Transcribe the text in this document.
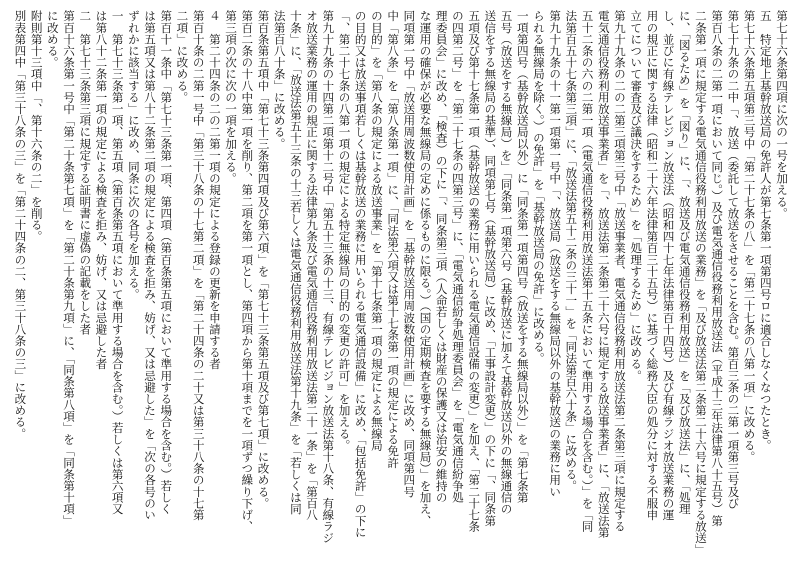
第七十六条第四項に次の一号を加える。
五　特定地上基幹放送局の免許人が第七条第一項第四号ロに適合しなくなつたとき。
第七十六条第五項第三号中「第二十七条の八」を「第二十七条の八第一項」に改める。
第七十九条の二中「、放送（委託して放送をさせることを含む。第百三条の二第一項第三号及び
第百八条の二第一項において同じ。）及び電気通信役務利用放送法（平成十三年法律第八十五号）第
二条第一項に規定する電気通信役務利用放送の業務」を「及び放送法第二条第二十六号に規定する放送」
に、「図るため」を「図り」に、「、放送及び電気通信役務利用放送」を「及び放送法」に、「処理
し、並びに有線テレビジョン放送法（昭和四十七年法律第百十四号）及び有線ラジオ放送業務の運
用の規正に関する法律（昭和二十六年法律第百三十五号）に基づく総務大臣の処分に対する不服申
立てについて審査及び議決をするため」を「処理するため」に改める。
第九十九条の二の二第三項第三号中「放送事業者、電気通信役務利用放送法第二条第三項に規定する
電気通信役務利用放送事業者」を「、放送法第二条第二十六号に規定する放送事業者」に、「放送法第
五十二条の六の二第一項（電気通信役務利用放送法第十五条において準用する場合を含む。）」を「同
法第百五十七条第三項」に、「放送法第五十二条の三十一」を「同法第百六十条」に改める。
第九十九条の十一第一項第一号中「、放送局（放送をする無線局以外の基幹放送の業務に用い
られる無線局を除く。）の免許」を「基幹放送局の免許」に改める。
一項第四号（基幹放送局以外）に「同条第一項第四号（放送をする無線局以外）」を「第七条第
五号（放送をする無線局）を」「同条第一項第六号（基幹放送に加えて基幹放送以外の無線通信の
送信をする無線局の基準）、同項第七号（基幹放送局）に改め、「工事設計変更）」の下に「、同条第
五項及び第十七条第一項（基幹放送の業務に用いられる電気通信設備の変更）」を加え、「第二十七条
の四第二号」を「第二十七条の四第三号」に、「電気通信紛争処理委員会」を「電気通信紛争処
理委員会」に改め、「検査）の下に「、同条第三項（人命若しくは財産の保護又は治安の維持の
な運用の確保が必要な無線局の定めに係るものに限る。）（国の定期検査を要する無線局）」を加え、
同項第一号中「放送用周波数使用計画」を「基幹放送用周波数使用計画」に改め、同項第四号
中「第八条」を「第八条第一項」に、「同法第六項又は第十七条第一項の規定による免許
の目的」を「第八条の規定による放送事業」を「第十七条第一項の規定による無線局
の目的又は放送事項若しくは基幹放送の業務に用いられる電気通信設備」に改め、「包括免許」の下に
「、第二十七条の八第一項の規定による特定無線局の目的の変更の許可」を加える。
第九十九条の十四第二項第十二号中「第五十三条の十三、有線テレビジョン放送法第十八条、有線ラジ
オ放送業務の運用の規正に関する法律第九条及び電気通信役務利用放送法第二十一条」を「第百八
十条」に、「放送法第五十三条の十三若しくは電気通信役務利用放送法第十九条」を「若しくは同
法第百八十条」に改める。
第百条第五項中「第七十三条第四項及び第六項」を「第七十三条第五項及び第七項」に改める。
第百二条の十八中第一項を削り、第二項を第一項とし、第四項から第十項までを一項ずつ繰り下げ、
第三項の次に次の一項を加える。
４　第二十四条の二の二第一項の規定による登録の更新を申請する者
第百十条の二第一号中「第三十八条の十七第二項」を「第二十四条の二十又は第三十八条の十七第
二項」に改める。
第百十一条中「第七十三条第一項、第四項（第百条第五項において準用する場合を含む。）若しく
は第五項又は第八十二条第二項の規定による検査を拒み、妨げ、又は忌避した」を「次の各号のい
ずれかに該当する」に改め、同条に次の各号を加える。
一　第七十三条第一項、第五項（第百条第五項において準用する場合を含む。）若しくは第六項又
は第八十二条第一項の規定による検査を拒み、妨げ、又は忌避した者
二　第七十三条第三項に規定する証明書に虚偽の記載をした者
第百十六条第一号中「第二十条第七項」を「第二十条第九項」に、「同条第八項」を「同条第十項」
に改める。
附則第十三項中「、第十六条の二」を削る。
別表第四中「第三十八条の三」を「第二十四条の二、第三十八条の三」に改める。
